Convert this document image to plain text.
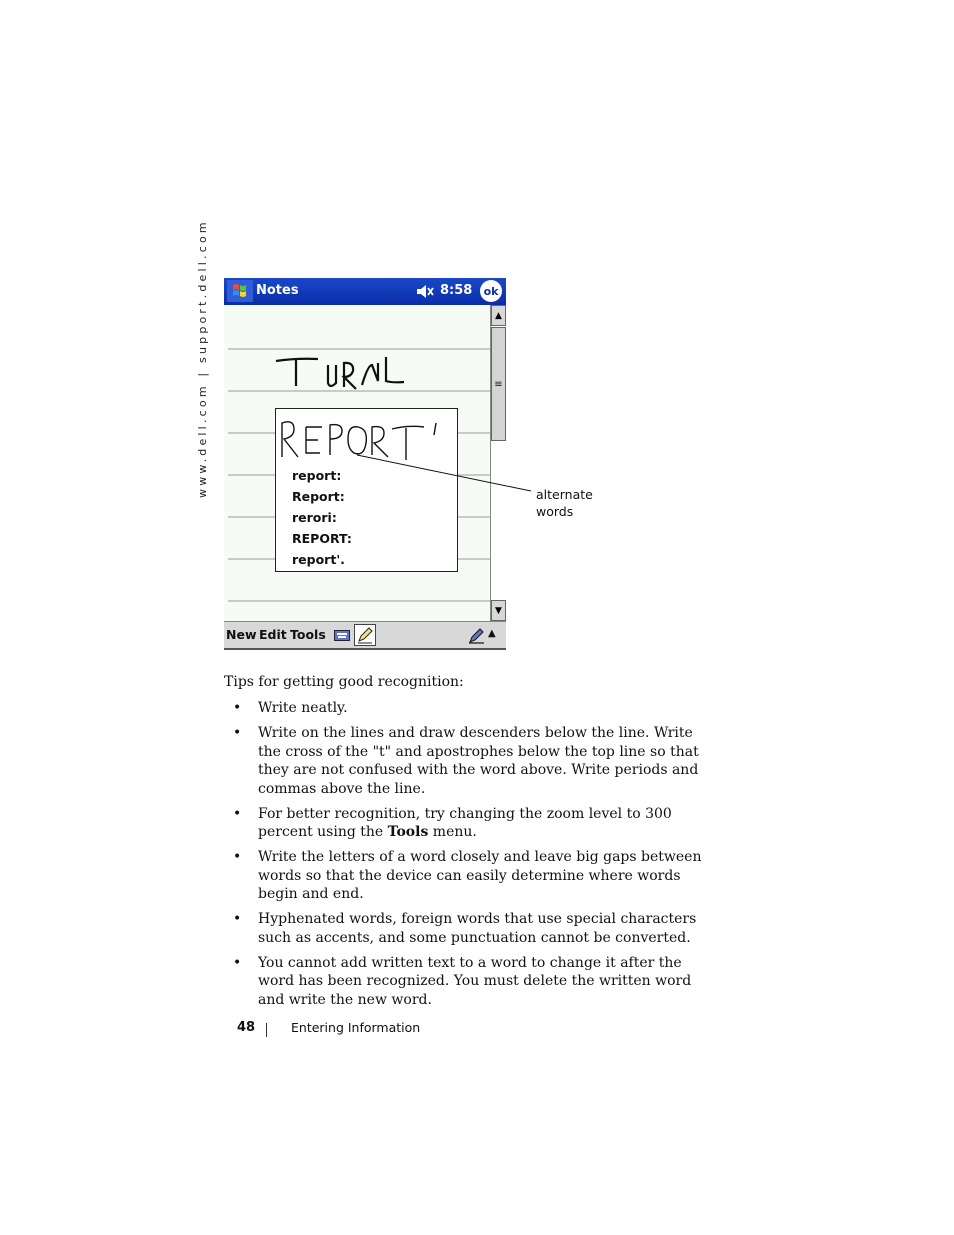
www.dell.com | support.dell.com	Notes	8:58	ok
report:
Report:
rerori:
REPORT:
report'.
▲
≡
▼
New Edit Tools	▲
alternate
words

Tips for getting good recognition:

• Write neatly.
• Write on the lines and draw descenders below the line. Write the cross of the "t" and apostrophes below the top line so that they are not confused with the word above. Write periods and commas above the line.
• For better recognition, try changing the zoom level to 300 percent using the Tools menu.
• Write the letters of a word closely and leave big gaps between words so that the device can easily determine where words begin and end.
• Hyphenated words, foreign words that use special characters such as accents, and some punctuation cannot be converted.
• You cannot add written text to a word to change it after the word has been recognized. You must delete the written word and write the new word.
48	Entering Information
